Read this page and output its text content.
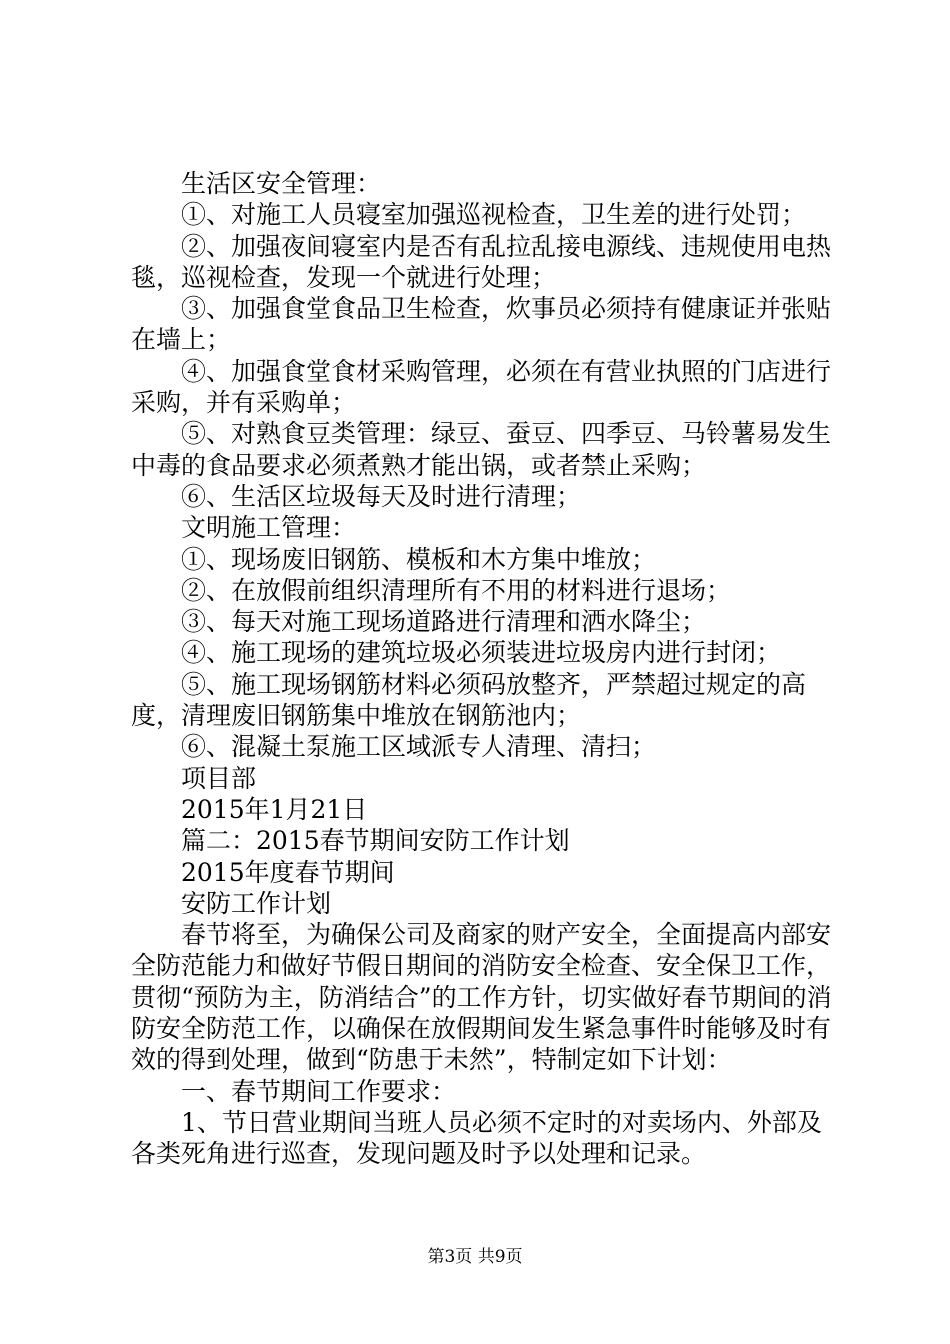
生活区安全管理：

①、对施工人员寝室加强巡视检查，卫生差的进行处罚；

②、加强夜间寝室内是否有乱拉乱接电源线、违规使用电热毯，巡视检查，发现一个就进行处理；

③、加强食堂食品卫生检查，炊事员必须持有健康证并张贴在墙上；

④、加强食堂食材采购管理，必须在有营业执照的门店进行采购，并有采购单；

⑤、对熟食豆类管理：绿豆、蚕豆、四季豆、马铃薯易发生中毒的食品要求必须煮熟才能出锅，或者禁止采购；

⑥、生活区垃圾每天及时进行清理；

文明施工管理：

①、现场废旧钢筋、模板和木方集中堆放；

②、在放假前组织清理所有不用的材料进行退场；

③、每天对施工现场道路进行清理和洒水降尘；

④、施工现场的建筑垃圾必须装进垃圾房内进行封闭；

⑤、施工现场钢筋材料必须码放整齐，严禁超过规定的高度，清理废旧钢筋集中堆放在钢筋池内；

⑥、混凝土泵施工区域派专人清理、清扫；

项目部

2015年1月21日

篇二：2015春节期间安防工作计划

2015年度春节期间

安防工作计划

春节将至，为确保公司及商家的财产安全，全面提高内部安全防范能力和做好节假日期间的消防安全检查、安全保卫工作，贯彻“预防为主，防消结合”的工作方针，切实做好春节期间的消防安全防范工作，以确保在放假期间发生紧急事件时能够及时有效的得到处理，做到“防患于未然”，特制定如下计划：

一、春节期间工作要求：

1、节日营业期间当班人员必须不定时的对卖场内、外部及各类死角进行巡查，发现问题及时予以处理和记录。

第3页 共9页
